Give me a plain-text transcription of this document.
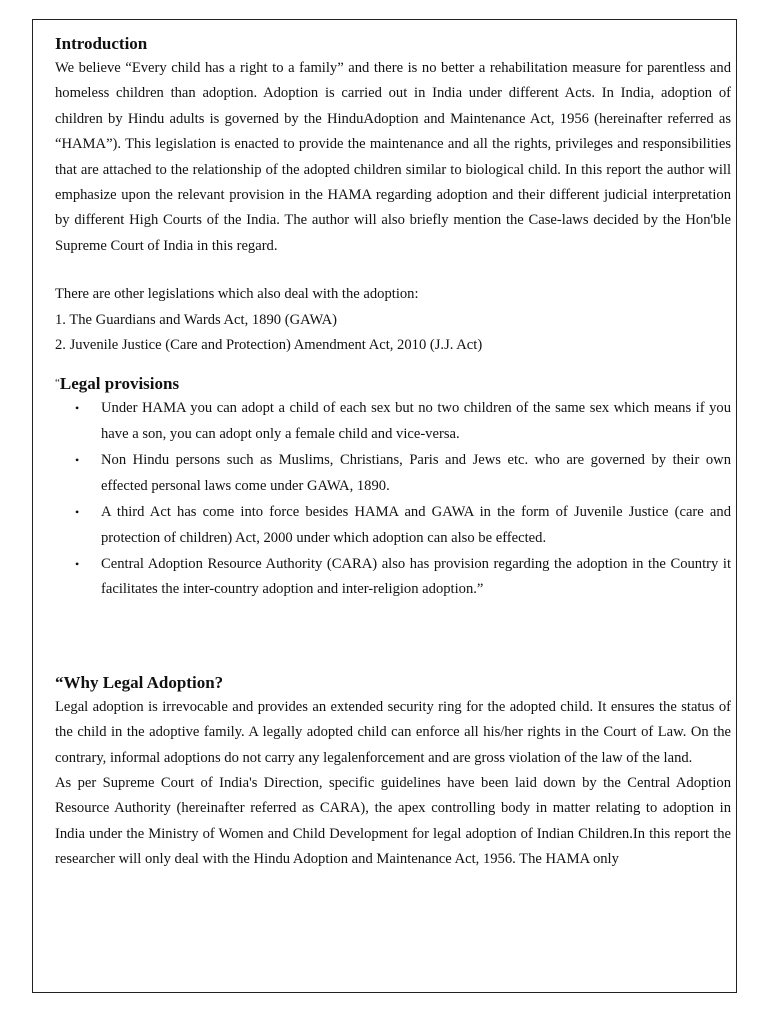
Introduction

We believe “Every child has a right to a family” and there is no better a rehabilitation measure for parentless and homeless children than adoption. Adoption is carried out in India under different Acts. In India, adoption of children by Hindu adults is governed by the HinduAdoption and Maintenance Act, 1956 (hereinafter referred as “HAMA”). This legislation is enacted to provide the maintenance and all the rights, privileges and responsibilities that are attached to the relationship of the adopted children similar to biological child. In this report the author will emphasize upon the relevant provision in the HAMA regarding adoption and their different judicial interpretation by different High Courts of the India. The author will also briefly mention the Case-laws decided by the Hon'ble Supreme Court of India in this regard.

There are other legislations which also deal with the adoption:
1. The Guardians and Wards Act, 1890 (GAWA)
2. Juvenile Justice (Care and Protection) Amendment Act, 2010 (J.J. Act)
“Legal provisions
• Under HAMA you can adopt a child of each sex but no two children of the same sex which means if you have a son, you can adopt only a female child and vice-versa.
• Non Hindu persons such as Muslims, Christians, Paris and Jews etc. who are governed by their own effected personal laws come under GAWA, 1890.
• A third Act has come into force besides HAMA and GAWA in the form of Juvenile Justice (care and protection of children) Act, 2000 under which adoption can also be effected.
• Central Adoption Resource Authority (CARA) also has provision regarding the adoption in the Country it facilitates the inter-country adoption and inter-religion adoption.”
“Why Legal Adoption?

Legal adoption is irrevocable and provides an extended security ring for the adopted child. It ensures the status of the child in the adoptive family. A legally adopted child can enforce all his/her rights in the Court of Law. On the contrary, informal adoptions do not carry any legalenforcement and are gross violation of the law of the land.

As per Supreme Court of India's Direction, specific guidelines have been laid down by the Central Adoption Resource Authority (hereinafter referred as CARA), the apex controlling body in matter relating to adoption in India under the Ministry of Women and Child Development for legal adoption of Indian Children.In this report the researcher will only deal with the Hindu Adoption and Maintenance Act, 1956. The HAMA only
